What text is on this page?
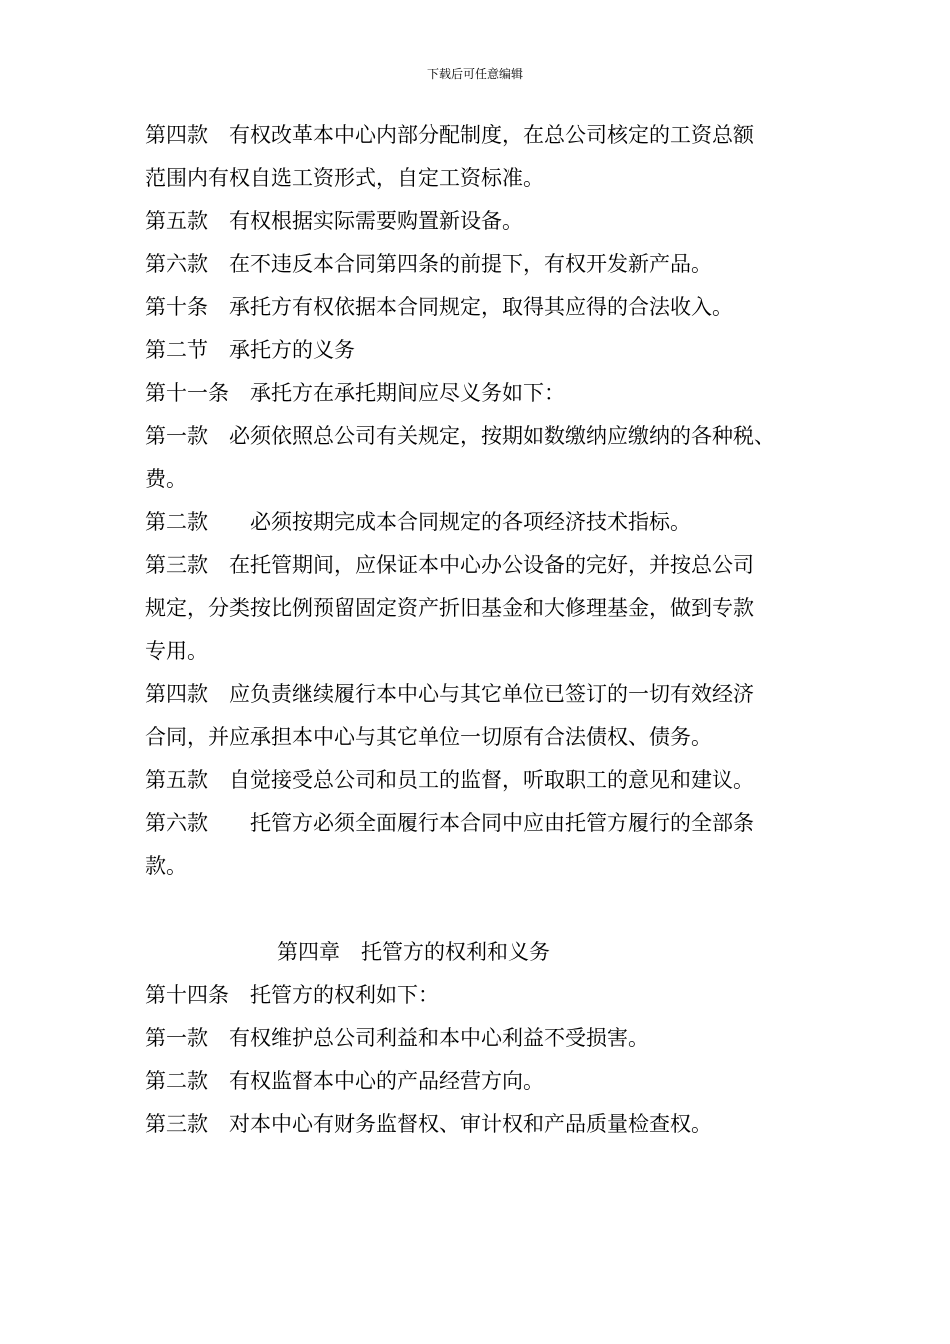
下载后可任意编辑
第四款　有权改革本中心内部分配制度，在总公司核定的工资总额
范围内有权自选工资形式，自定工资标准。
第五款　有权根据实际需要购置新设备。
第六款　在不违反本合同第四条的前提下，有权开发新产品。
第十条　承托方有权依据本合同规定，取得其应得的合法收入。
第二节　承托方的义务
第十一条　承托方在承托期间应尽义务如下：
第一款　必须依照总公司有关规定，按期如数缴纳应缴纳的各种税、
费。
第二款　　必须按期完成本合同规定的各项经济技术指标。
第三款　在托管期间，应保证本中心办公设备的完好，并按总公司
规定，分类按比例预留固定资产折旧基金和大修理基金，做到专款
专用。
第四款　应负责继续履行本中心与其它单位已签订的一切有效经济
合同，并应承担本中心与其它单位一切原有合法债权、债务。
第五款　自觉接受总公司和员工的监督，听取职工的意见和建议。
第六款　　托管方必须全面履行本合同中应由托管方履行的全部条
款。
第四章　托管方的权利和义务
第十四条　托管方的权利如下：
第一款　有权维护总公司利益和本中心利益不受损害。
第二款　有权监督本中心的产品经营方向。
第三款　对本中心有财务监督权、审计权和产品质量检查权。
